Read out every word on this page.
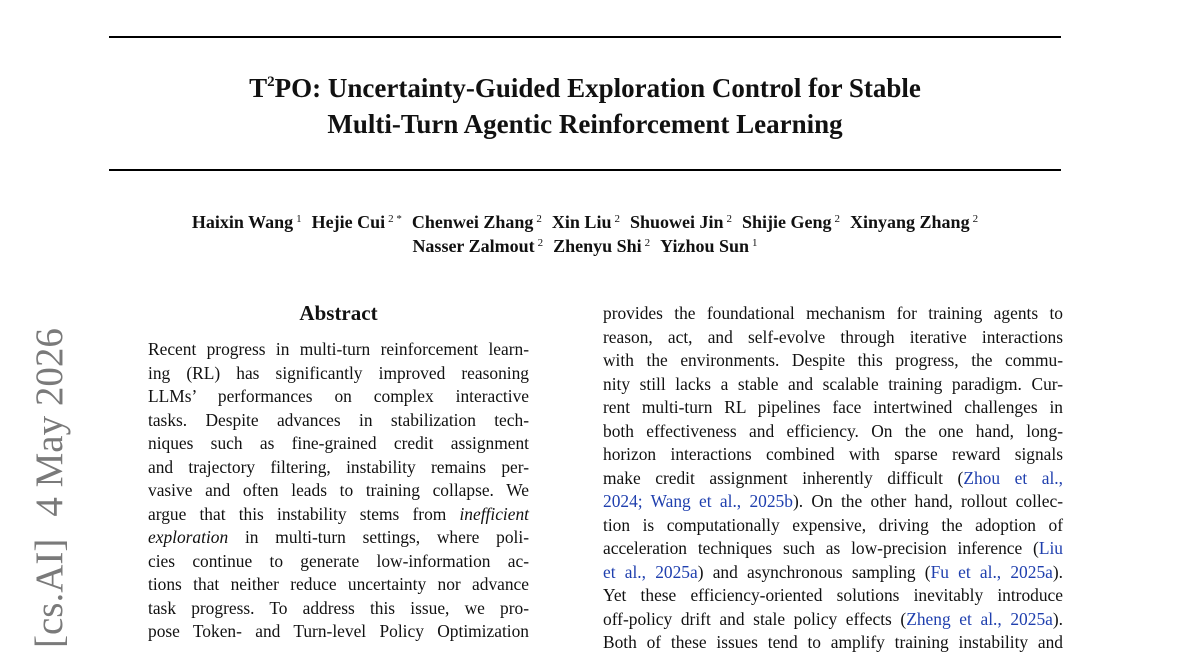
$T^2PO$: Uncertainty-Guided Exploration Control for Stable
Multi-Turn Agentic Reinforcement Learning
Haixin Wang $^1$ Hejie Cui $^{2 *}$ Chenwei Zhang $^2$ Xin Liu $^2$ Shuowei Jin $^2$ Shijie Geng $^2$ Xinyang Zhang $^2$
Nasser Zalmout $^2$ Zhenyu Shi $^2$ Yizhou Sun $^1$
[cs.AI]4 May 2026
Abstract
Recent progress in multi-turn reinforcement learn-
ing (RL) has significantly improved reasoning
LLMs’ performances on complex interactive
tasks. Despite advances in stabilization tech-
niques such as fine-grained credit assignment
and trajectory filtering, instability remains per-
vasive and often leads to training collapse. We
argue that this instability stems from inefficient
exploration in multi-turn settings, where poli-
cies continue to generate low-information ac-
tions that neither reduce uncertainty nor advance
task progress. To address this issue, we pro-
pose Token- and Turn-level Policy Optimization
provides the foundational mechanism for training agents to
reason, act, and self-evolve through iterative interactions
with the environments. Despite this progress, the commu-
nity still lacks a stable and scalable training paradigm. Cur-
rent multi-turn RL pipelines face intertwined challenges in
both effectiveness and efficiency. On the one hand, long-
horizon interactions combined with sparse reward signals
make credit assignment inherently difficult (Zhou et al.,
2024; Wang et al., 2025b). On the other hand, rollout collec-
tion is computationally expensive, driving the adoption of
acceleration techniques such as low-precision inference (Liu
et al., 2025a) and asynchronous sampling (Fu et al., 2025a).
Yet these efficiency-oriented solutions inevitably introduce
off-policy drift and stale policy effects (Zheng et al., 2025a).
Both of these issues tend to amplify training instability and
